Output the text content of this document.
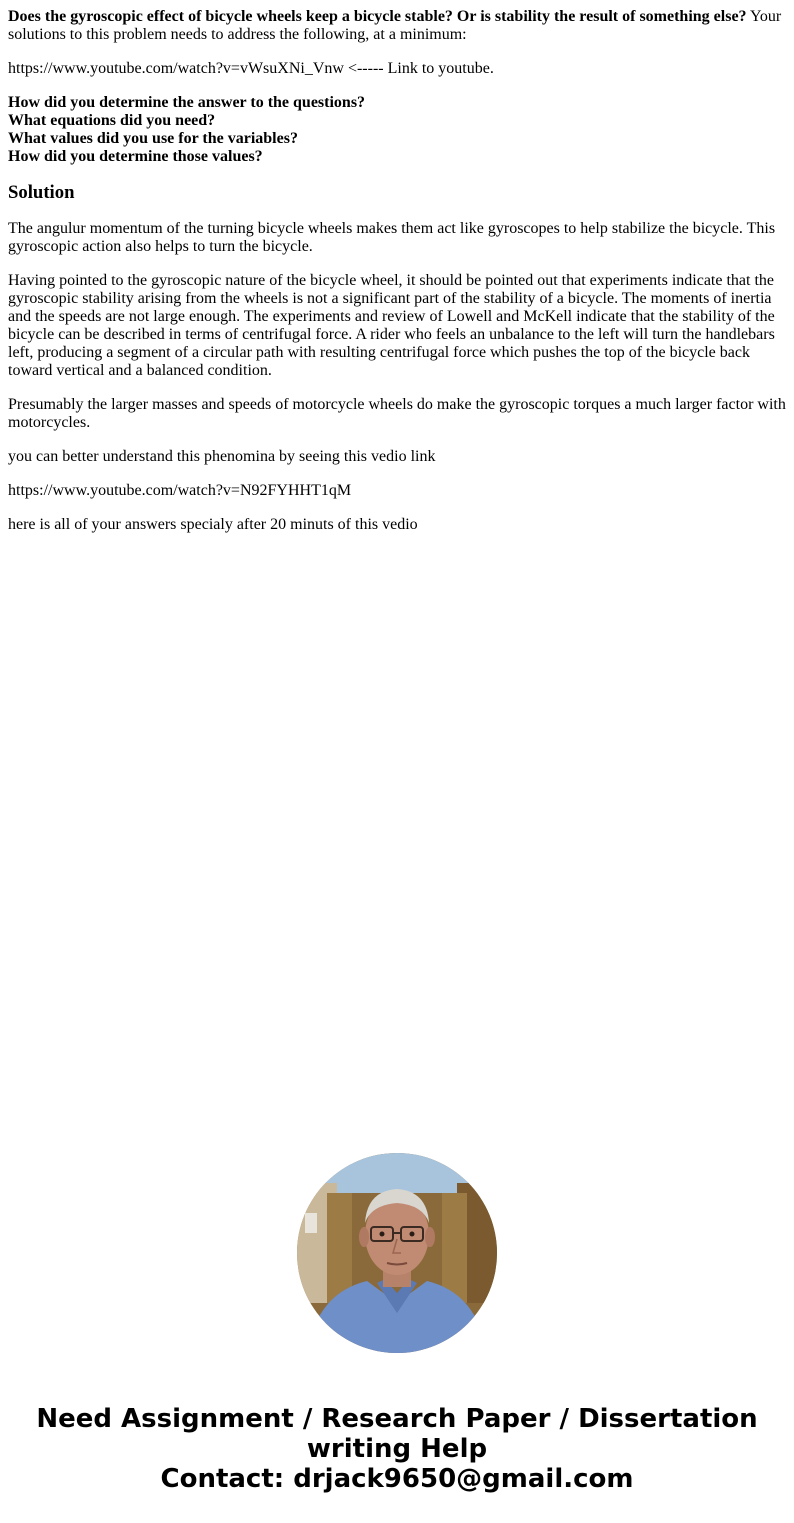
Does the gyroscopic effect of bicycle wheels keep a bicycle stable? Or is stability the result of something else? Your solutions to this problem needs to address the following, at a minimum:

https://www.youtube.com/watch?v=vWsuXNi_Vnw <----- Link to youtube.

How did you determine the answer to the questions?
What equations did you need?
What values did you use for the variables?
How did you determine those values?

Solution

The angulur momentum of the turning bicycle wheels makes them act like gyroscopes to help stabilize the bicycle. This gyroscopic action also helps to turn the bicycle.

Having pointed to the gyroscopic nature of the bicycle wheel, it should be pointed out that experiments indicate that the gyroscopic stability arising from the wheels is not a significant part of the stability of a bicycle. The moments of inertia and the speeds are not large enough. The experiments and review of Lowell and McKell indicate that the stability of the bicycle can be described in terms of centrifugal force. A rider who feels an unbalance to the left will turn the handlebars left, producing a segment of a circular path with resulting centrifugal force which pushes the top of the bicycle back toward vertical and a balanced condition.

Presumably the larger masses and speeds of motorcycle wheels do make the gyroscopic torques a much larger factor with motorcycles.

you can better understand this phenomina by seeing this vedio link

https://www.youtube.com/watch?v=N92FYHHT1qM

here is all of your answers specialy after 20 minuts of this vedio

Need Assignment / Research Paper / Dissertation
writing Help
Contact: drjack9650@gmail.com
